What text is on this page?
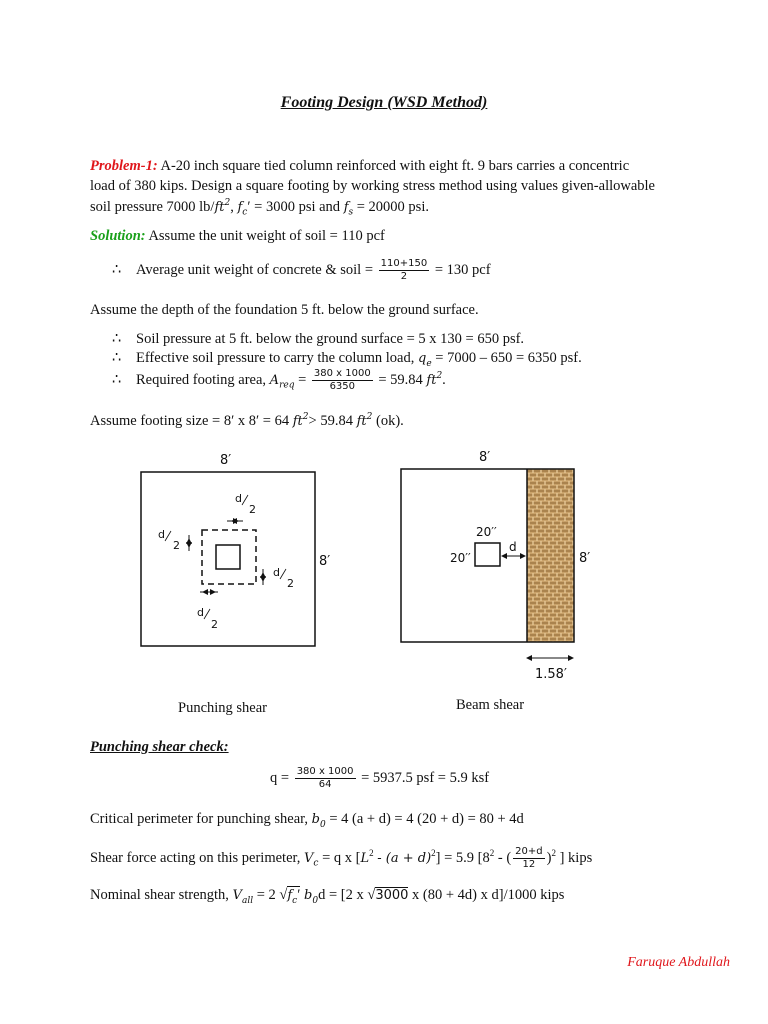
Footing Design (WSD Method)
Problem-1: A-20 inch square tied column reinforced with eight ft. 9 bars carries a concentric
load of 380 kips. Design a square footing by working stress method using values given-allowable
soil pressure 7000 $lb/ft^2$, $f_c' = 3000$ psi and $f_s = 20000$ psi.
Solution: Assume the unit weight of soil = 110 pcf
∴ Average unit weight of concrete & soil = $\frac{110+150}{2} = 130$ pcf
Assume the depth of the foundation 5 ft. below the ground surface.
∴ Soil pressure at 5 ft. below the ground surface = 5 x 130 = 650 psf.
∴ Effective soil pressure to carry the column load, $q_e = 7000 - 650 = 6350$ psf.
∴ Required footing area, $A_{req} = \frac{380 x 1000}{6350} = 59.84$ $ft^2$.
Assume footing size = 8′ x 8′ = 64 $ft^2> 59.84$ $ft^2$ (ok).
8′
8′
d
2
d
2
d
2
d
2
8′
20′′
20′′
d
8′
1.58′
Punching shear	Beam shear
Punching shear check:
$q = \frac{380 x 1000}{64} = 5937.5$ psf = 5.9 ksf
Critical perimeter for punching shear, $b_0 = 4$ (a + d) = 4 (20 + d) = 80 + 4d
Shear force acting on this perimeter, $V_c = q$ x $[L^2 - (a + d)^2] = 5.9$ [$8^2$ - ( $\frac{20+d}{12} )^2$ ] kips
Nominal shear strength, $V_{all} = 2$ $√f_c'$ $b_0d = [2$ x √3000 x (80 + 4d) x d]/1000 kips
Faruque Abdullah
